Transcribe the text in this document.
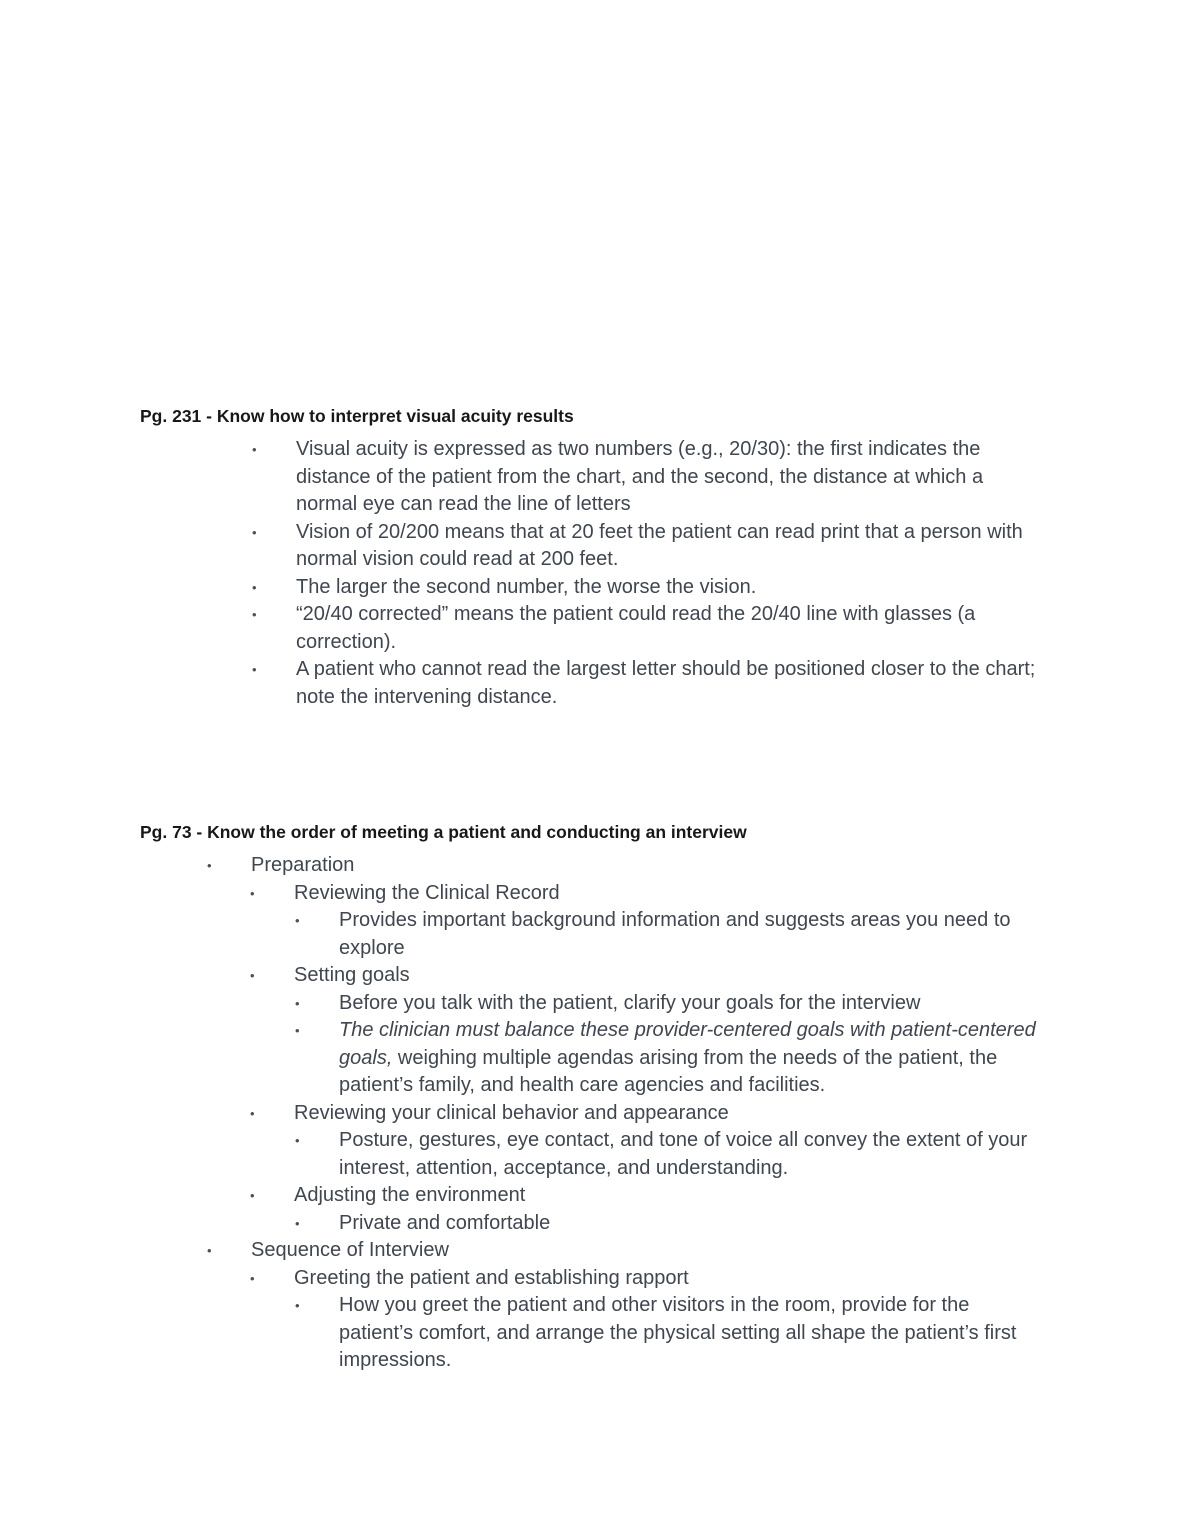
Pg. 231 - Know how to interpret visual acuity results
•	Visual acuity is expressed as two numbers (e.g., 20/30): the first indicates the distance of the patient from the chart, and the second, the distance at which a normal eye can read the line of letters
•	Vision of 20/200 means that at 20 feet the patient can read print that a person with normal vision could read at 200 feet.
•	The larger the second number, the worse the vision.
•	“20/40 corrected” means the patient could read the 20/40 line with glasses (a correction).
•	A patient who cannot read the largest letter should be positioned closer to the chart; note the intervening distance.
Pg. 73 - Know the order of meeting a patient and conducting an interview
•	Preparation
•	Reviewing the Clinical Record
•	Provides important background information and suggests areas you need to explore
•	Setting goals
•	Before you talk with the patient, clarify your goals for the interview
•	The clinician must balance these provider-centered goals with patient-centered goals, weighing multiple agendas arising from the needs of the patient, the patient’s family, and health care agencies and facilities.
•	Reviewing your clinical behavior and appearance
•	Posture, gestures, eye contact, and tone of voice all convey the extent of your interest, attention, acceptance, and understanding.
•	Adjusting the environment
•	Private and comfortable
•	Sequence of Interview
•	Greeting the patient and establishing rapport
•	How you greet the patient and other visitors in the room, provide for the patient’s comfort, and arrange the physical setting all shape the patient’s first impressions.
